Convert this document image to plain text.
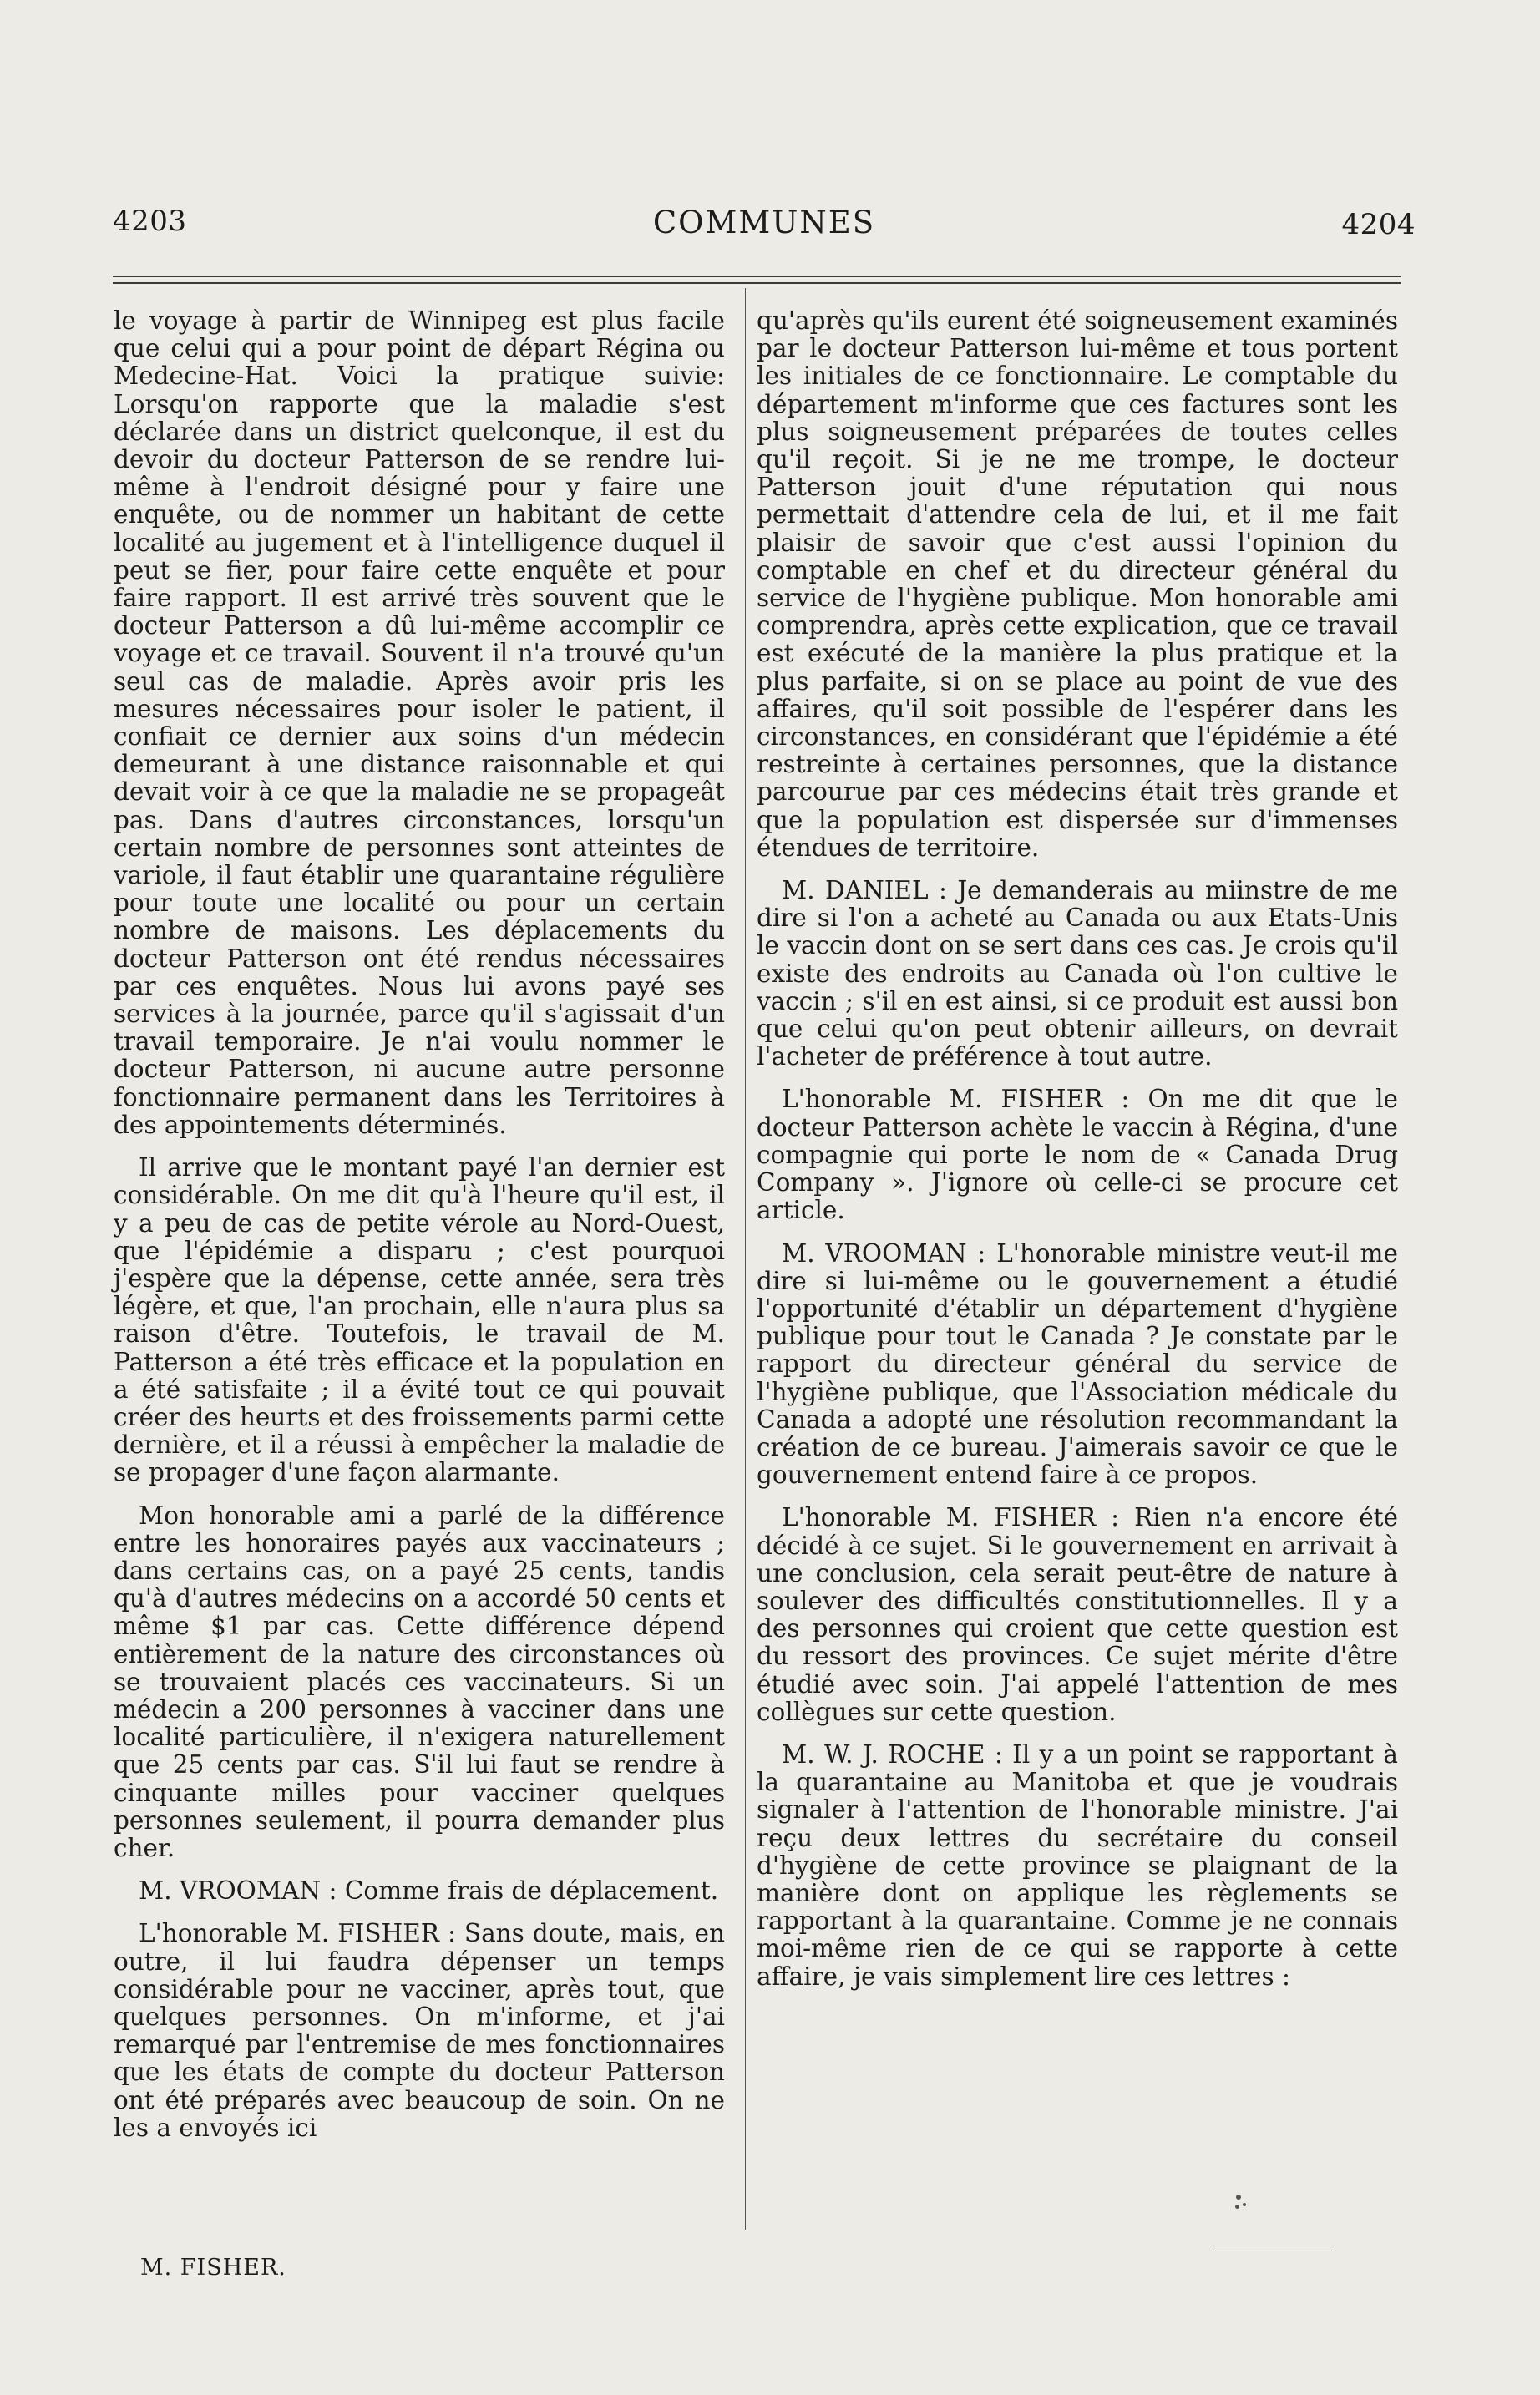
4203	COMMUNES	4204

le voyage à partir de Winnipeg est plus facile que celui qui a pour point de départ Régina ou Medecine-Hat. Voici la pratique suivie: Lorsqu'on rapporte que la maladie s'est déclarée dans un district quelconque, il est du devoir du docteur Patterson de se rendre lui-même à l'endroit désigné pour y faire une enquête, ou de nommer un habitant de cette localité au jugement et à l'intelligence duquel il peut se fier, pour faire cette enquête et pour faire rapport. Il est arrivé très souvent que le docteur Patterson a dû lui-même accomplir ce voyage et ce travail. Souvent il n'a trouvé qu'un seul cas de maladie. Après avoir pris les mesures nécessaires pour isoler le patient, il confiait ce dernier aux soins d'un médecin demeurant à une distance raisonnable et qui devait voir à ce que la maladie ne se propageât pas. Dans d'autres circonstances, lorsqu'un certain nombre de personnes sont atteintes de variole, il faut établir une quarantaine régulière pour toute une localité ou pour un certain nombre de maisons. Les déplacements du docteur Patterson ont été rendus nécessaires par ces enquêtes. Nous lui avons payé ses services à la journée, parce qu'il s'agissait d'un travail temporaire. Je n'ai voulu nommer le docteur Patterson, ni aucune autre personne fonctionnaire permanent dans les Territoires à des appointements déterminés.

Il arrive que le montant payé l'an dernier est considérable. On me dit qu'à l'heure qu'il est, il y a peu de cas de petite vérole au Nord-Ouest, que l'épidémie a disparu ; c'est pourquoi j'espère que la dépense, cette année, sera très légère, et que, l'an prochain, elle n'aura plus sa raison d'être. Toutefois, le travail de M. Patterson a été très efficace et la population en a été satisfaite ; il a évité tout ce qui pouvait créer des heurts et des froissements parmi cette dernière, et il a réussi à empêcher la maladie de se propager d'une façon alarmante.

Mon honorable ami a parlé de la différence entre les honoraires payés aux vaccinateurs ; dans certains cas, on a payé 25 cents, tandis qu'à d'autres médecins on a accordé 50 cents et même $1 par cas. Cette différence dépend entièrement de la nature des circonstances où se trouvaient placés ces vaccinateurs. Si un médecin a 200 personnes à vacciner dans une localité particulière, il n'exigera naturellement que 25 cents par cas. S'il lui faut se rendre à cinquante milles pour vacciner quelques personnes seulement, il pourra demander plus cher.

M. VROOMAN : Comme frais de déplacement.

L'honorable M. FISHER : Sans doute, mais, en outre, il lui faudra dépenser un temps considérable pour ne vacciner, après tout, que quelques personnes. On m'informe, et j'ai remarqué par l'entremise de mes fonctionnaires que les états de compte du docteur Patterson ont été préparés avec beaucoup de soin. On ne les a envoyés ici

qu'après qu'ils eurent été soigneusement examinés par le docteur Patterson lui-même et tous portent les initiales de ce fonctionnaire. Le comptable du département m'informe que ces factures sont les plus soigneusement préparées de toutes celles qu'il reçoit. Si je ne me trompe, le docteur Patterson jouit d'une réputation qui nous permettait d'attendre cela de lui, et il me fait plaisir de savoir que c'est aussi l'opinion du comptable en chef et du directeur général du service de l'hygiène publique. Mon honorable ami comprendra, après cette explication, que ce travail est exécuté de la manière la plus pratique et la plus parfaite, si on se place au point de vue des affaires, qu'il soit possible de l'espérer dans les circonstances, en considérant que l'épidémie a été restreinte à certaines personnes, que la distance parcourue par ces médecins était très grande et que la population est dispersée sur d'immenses étendues de territoire.

M. DANIEL : Je demanderais au miinstre de me dire si l'on a acheté au Canada ou aux Etats-Unis le vaccin dont on se sert dans ces cas. Je crois qu'il existe des endroits au Canada où l'on cultive le vaccin ; s'il en est ainsi, si ce produit est aussi bon que celui qu'on peut obtenir ailleurs, on devrait l'acheter de préférence à tout autre.

L'honorable M. FISHER : On me dit que le docteur Patterson achète le vaccin à Régina, d'une compagnie qui porte le nom de « Canada Drug Company ». J'ignore où celle-ci se procure cet article.

M. VROOMAN : L'honorable ministre veut-il me dire si lui-même ou le gouvernement a étudié l'opportunité d'établir un département d'hygiène publique pour tout le Canada ? Je constate par le rapport du directeur général du service de l'hygiène publique, que l'Association médicale du Canada a adopté une résolution recommandant la création de ce bureau. J'aimerais savoir ce que le gouvernement entend faire à ce propos.

L'honorable M. FISHER : Rien n'a encore été décidé à ce sujet. Si le gouvernement en arrivait à une conclusion, cela serait peut-être de nature à soulever des difficultés constitutionnelles. Il y a des personnes qui croient que cette question est du ressort des provinces. Ce sujet mérite d'être étudié avec soin. J'ai appelé l'attention de mes collègues sur cette question.

M. W. J. ROCHE : Il y a un point se rapportant à la quarantaine au Manitoba et que je voudrais signaler à l'attention de l'honorable ministre. J'ai reçu deux lettres du secrétaire du conseil d'hygiène de cette province se plaignant de la manière dont on applique les règlements se rapportant à la quarantaine. Comme je ne connais moi-même rien de ce qui se rapporte à cette affaire, je vais simplement lire ces lettres :

M. FISHER.
